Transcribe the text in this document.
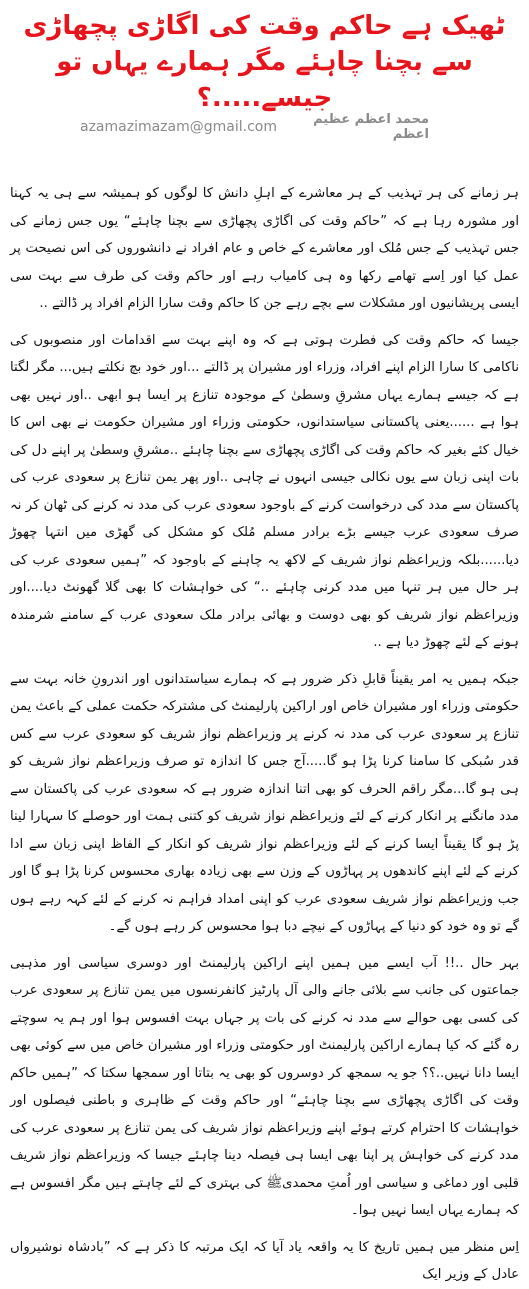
ٹھیک ہے حاکم وقت کی اگاڑی پچھاڑی سے بچنا چاہئے مگر ہمارے یہاں تو جیسے.....؟
azamazimazam@gmail.com	محمد اعظم عظیم اعظم

ہر زمانے کی ہر تہذیب کے ہر معاشرے کے اہلِ دانش کا لوگوں کو ہمیشہ سے ہی یہ کہنا اور مشورہ رہا ہے کہ ”حاکم وقت کی اگاڑی پچھاڑی سے بچنا چاہئے“ یوں جس زمانے کی جس تہذیب کے جس مُلک اور معاشرے کے خاص و عام افراد نے دانشوروں کی اس نصیحت پر عمل کیا اور اِسے تھامے رکھا وہ ہی کامیاب رہے اور حاکم وقت کی طرف سے بہت سی ایسی پریشانیوں اور مشکلات سے بچے رہے جن کا حاکم وقت سارا الزام افراد پر ڈالتے ..

جیسا کہ حاکم وقت کی فطرت ہوتی ہے کہ وہ اپنے بہت سے اقدامات اور منصوبوں کی ناکامی کا سارا الزام اپنے افراد، وزراء اور مشیران پر ڈالتے ...اور خود بچ نکلتے ہیں... مگر لگتا ہے کہ جیسے ہمارے یہاں مشرقِ وسطیٰ کے موجودہ تنازع پر ایسا ہو ابھی ..اور نہیں بھی ہوا ہے ......یعنی پاکستانی سیاستدانوں، حکومتی وزراء اور مشیران حکومت نے بھی اس کا خیال کئے بغیر کہ حاکم وقت کی اگاڑی پچھاڑی سے بچنا چاہئے ..مشرقِ وسطیٰ پر اپنے دل کی بات اپنی زبان سے یوں نکالی جیسی انہوں نے چاہی ..اور پھر یمن تنازع پر سعودی عرب کی پاکستان سے مدد کی درخواست کرنے کے باوجود سعودی عرب کی مدد نہ کرنے کی ٹھان کر نہ صرف سعودی عرب جیسے بڑے برادر مسلم مُلک کو مشکل کی گھڑی میں انتہا چھوڑ دیا......بلکہ وزیراعظم نواز شریف کے لاکھ یہ چاہنے کے باوجود کہ ”ہمیں سعودی عرب کی ہر حال میں ہر تنہا میں مدد کرنی چاہئے ..“ کی خواہشات کا بھی گلا گھونٹ دیا....اور وزیراعظم نواز شریف کو بھی دوست و بھائی برادر ملک سعودی عرب کے سامنے شرمندہ ہونے کے لئے چھوڑ دیا ہے ..

جبکہ ہمیں یہ امر یقیناً قابلِ ذکر ضرور ہے کہ ہمارے سیاستدانوں اور اندرونِ خانہ بہت سے حکومتی وزراء اور مشیران خاص اور اراکین پارلیمنٹ کی مشترکہ حکمت عملی کے باعث یمن تنازع پر سعودی عرب کی مدد نہ کرنے پر وزیراعظم نواز شریف کو سعودی عرب سے کس قدر سُبکی کا سامنا کرنا پڑا ہو گا.....آج جس کا اندازہ تو صرف وزیراعظم نواز شریف کو ہی ہو گا...مگر راقم الحرف کو بھی اتنا اندازہ ضرور ہے کہ سعودی عرب کی پاکستان سے مدد مانگنے پر انکار کرنے کے لئے وزیراعظم نواز شریف کو کتنی ہمت اور حوصلے کا سہارا لینا پڑ ہو گا یقیناً ایسا کرنے کے لئے وزیراعظم نواز شریف کو انکار کے الفاظ اپنی زبان سے ادا کرنے کے لئے اپنے کاندھوں پر پہاڑوں کے وزن سے بھی زیادہ بھاری محسوس کرنا پڑا ہو گا اور جب وزیراعظم نواز شریف سعودی عرب کو اپنی امداد فراہم نہ کرنے کے لئے کہہ رہے ہوں گے تو وہ خود کو دنیا کے پہاڑوں کے نیچے دبا ہوا محسوس کر رہے ہوں گے۔

بہر حال ..!! آب ایسے میں ہمیں اپنے اراکین پارلیمنٹ اور دوسری سیاسی اور مذہبی جماعتوں کی جانب سے بلائی جانے والی آل پارٹیز کانفرنسوں میں یمن تنازع پر سعودی عرب کی کسی بھی حوالے سے مدد نہ کرنے کی بات پر جہاں بہت افسوس ہوا اور ہم یہ سوچتے رہ گئے کہ کیا ہمارے اراکین پارلیمنٹ اور حکومتی وزراء اور مشیران خاص میں سے کوئی بھی ایسا دانا نہیں..؟؟ جو یہ سمجھ کر دوسروں کو بھی یہ بتاتا اور سمجھا سکتا کہ ”ہمیں حاکم وقت کی اگاڑی پچھاڑی سے بچنا چاہئے“ اور حاکم وقت کے ظاہری و باطنی فیصلوں اور خواہشات کا احترام کرتے ہوئے اپنے وزیراعظم نواز شریف کی یمن تنازع پر سعودی عرب کی مدد کرنے کی خواہش پر اپنا بھی ایسا ہی فیصلہ دینا چاہئے جیسا کہ وزیراعظم نواز شریف قلبی اور دماغی و سیاسی اور اُمتِ محمدیﷺ کی بہتری کے لئے چاہتے ہیں مگر افسوس ہے کہ ہمارے یہاں ایسا نہیں ہوا۔

اِس منظر میں ہمیں تاریخ کا یہ واقعہ یاد آیا کہ ایک مرتبہ کا ذکر ہے کہ ”بادشاہ نوشیرواں عادل کے وزیر ایک
